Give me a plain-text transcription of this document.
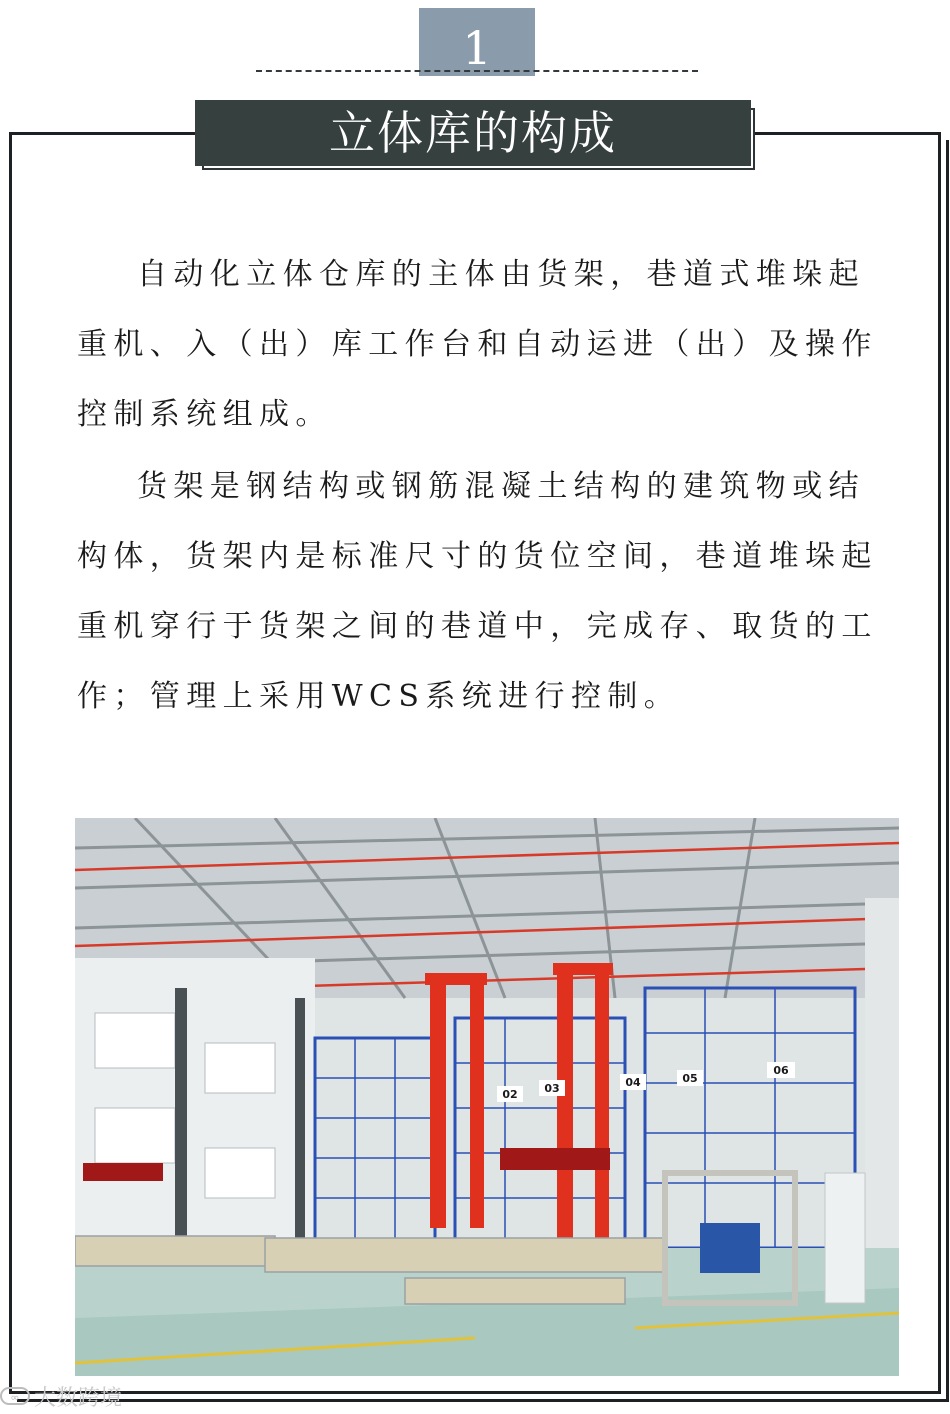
1
立体库的构成

自动化立体仓库的主体由货架，巷道式堆垛起重机、入（出）库工作台和自动运进（出）及操作控制系统组成。

货架是钢结构或钢筋混凝土结构的建筑物或结构体，货架内是标准尺寸的货位空间，巷道堆垛起重机穿行于货架之间的巷道中，完成存、取货的工作；管理上采用WCS系统进行控制。

02 03	04	05
06
∞ 大数跨境
